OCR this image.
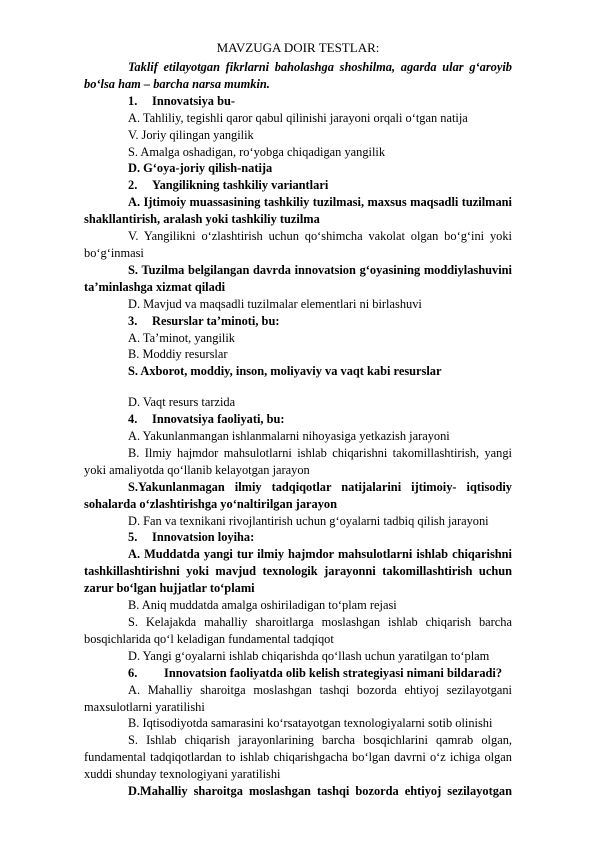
MAVZUGA DOIR TESTLAR:

Taklif etilayotgan fikrlarni baholashga shoshilma, agarda ular g‘aroyib bo‘lsa ham – barcha narsa mumkin.

1. Innovatsiya bu-

A. Tahliliy, tegishli qaror qabul qilinishi jarayoni orqali o‘tgan natija

V. Joriy qilingan yangilik

S. Amalga oshadigan, ro‘yobga chiqadigan yangilik

D. G‘oya-joriy qilish-natija

2. Yangilikning tashkiliy variantlari

A. Ijtimoiy muassasining tashkiliy tuzilmasi, maxsus maqsadli tuzilmani shakllantirish, aralash yoki tashkiliy tuzilma

V. Yangilikni o‘zlashtirish uchun qo‘shimcha vakolat olgan bo‘g‘ini yoki bo‘g‘inmasi

S. Tuzilma belgilangan davrda innovatsion g‘oyasining moddiylashuvini ta’minlashga xizmat qiladi

D. Mavjud va maqsadli tuzilmalar elementlari ni birlashuvi

3. Resurslar ta’minoti, bu:

A. Ta’minot, yangilik

B. Moddiy resurslar

S. Axborot, moddiy, inson, moliyaviy va vaqt kabi resurslar

D. Vaqt resurs tarzida

4. Innovatsiya faoliyati, bu:

A. Yakunlanmangan ishlanmalarni nihoyasiga yetkazish jarayoni

B. Ilmiy hajmdor mahsulotlarni ishlab chiqarishni takomillashtirish, yangi yoki amaliyotda qo‘llanib kelayotgan jarayon

S.Yakunlanmagan ilmiy tadqiqotlar natijalarini ijtimoiy- iqtisodiy sohalarda o‘zlashtirishga yo‘naltirilgan jarayon

D. Fan va texnikani rivojlantirish uchun g‘oyalarni tadbiq qilish jarayoni

5. Innovatsion loyiha:

A. Muddatda yangi tur ilmiy hajmdor mahsulotlarni ishlab chiqarishni tashkillashtirishni yoki mavjud texnologik jarayonni takomillashtirish uchun zarur bo‘lgan hujjatlar to‘plami

B. Aniq muddatda amalga oshiriladigan to‘plam rejasi

S. Kelajakda mahalliy sharoitlarga moslashgan ishlab chiqarish barcha bosqichlarida qo‘l keladigan fundamental tadqiqot

D. Yangi g‘oyalarni ishlab chiqarishda qo‘llash uchun yaratilgan to‘plam

6. Innovatsion faoliyatda olib kelish strategiyasi nimani bildaradi?

A. Mahalliy sharoitga moslashgan tashqi bozorda ehtiyoj sezilayotgani maxsulotlarni yaratilishi

B. Iqtisodiyotda samarasini ko‘rsatayotgan texnologiyalarni sotib olinishi

S. Ishlab chiqarish jarayonlarining barcha bosqichlarini qamrab olgan, fundamental tadqiqotlardan to ishlab chiqarishgacha bo‘lgan davrni o‘z ichiga olgan xuddi shunday texnologiyani yaratilishi

D.Mahalliy sharoitga moslashgan tashqi bozorda ehtiyoj sezilayotgan
